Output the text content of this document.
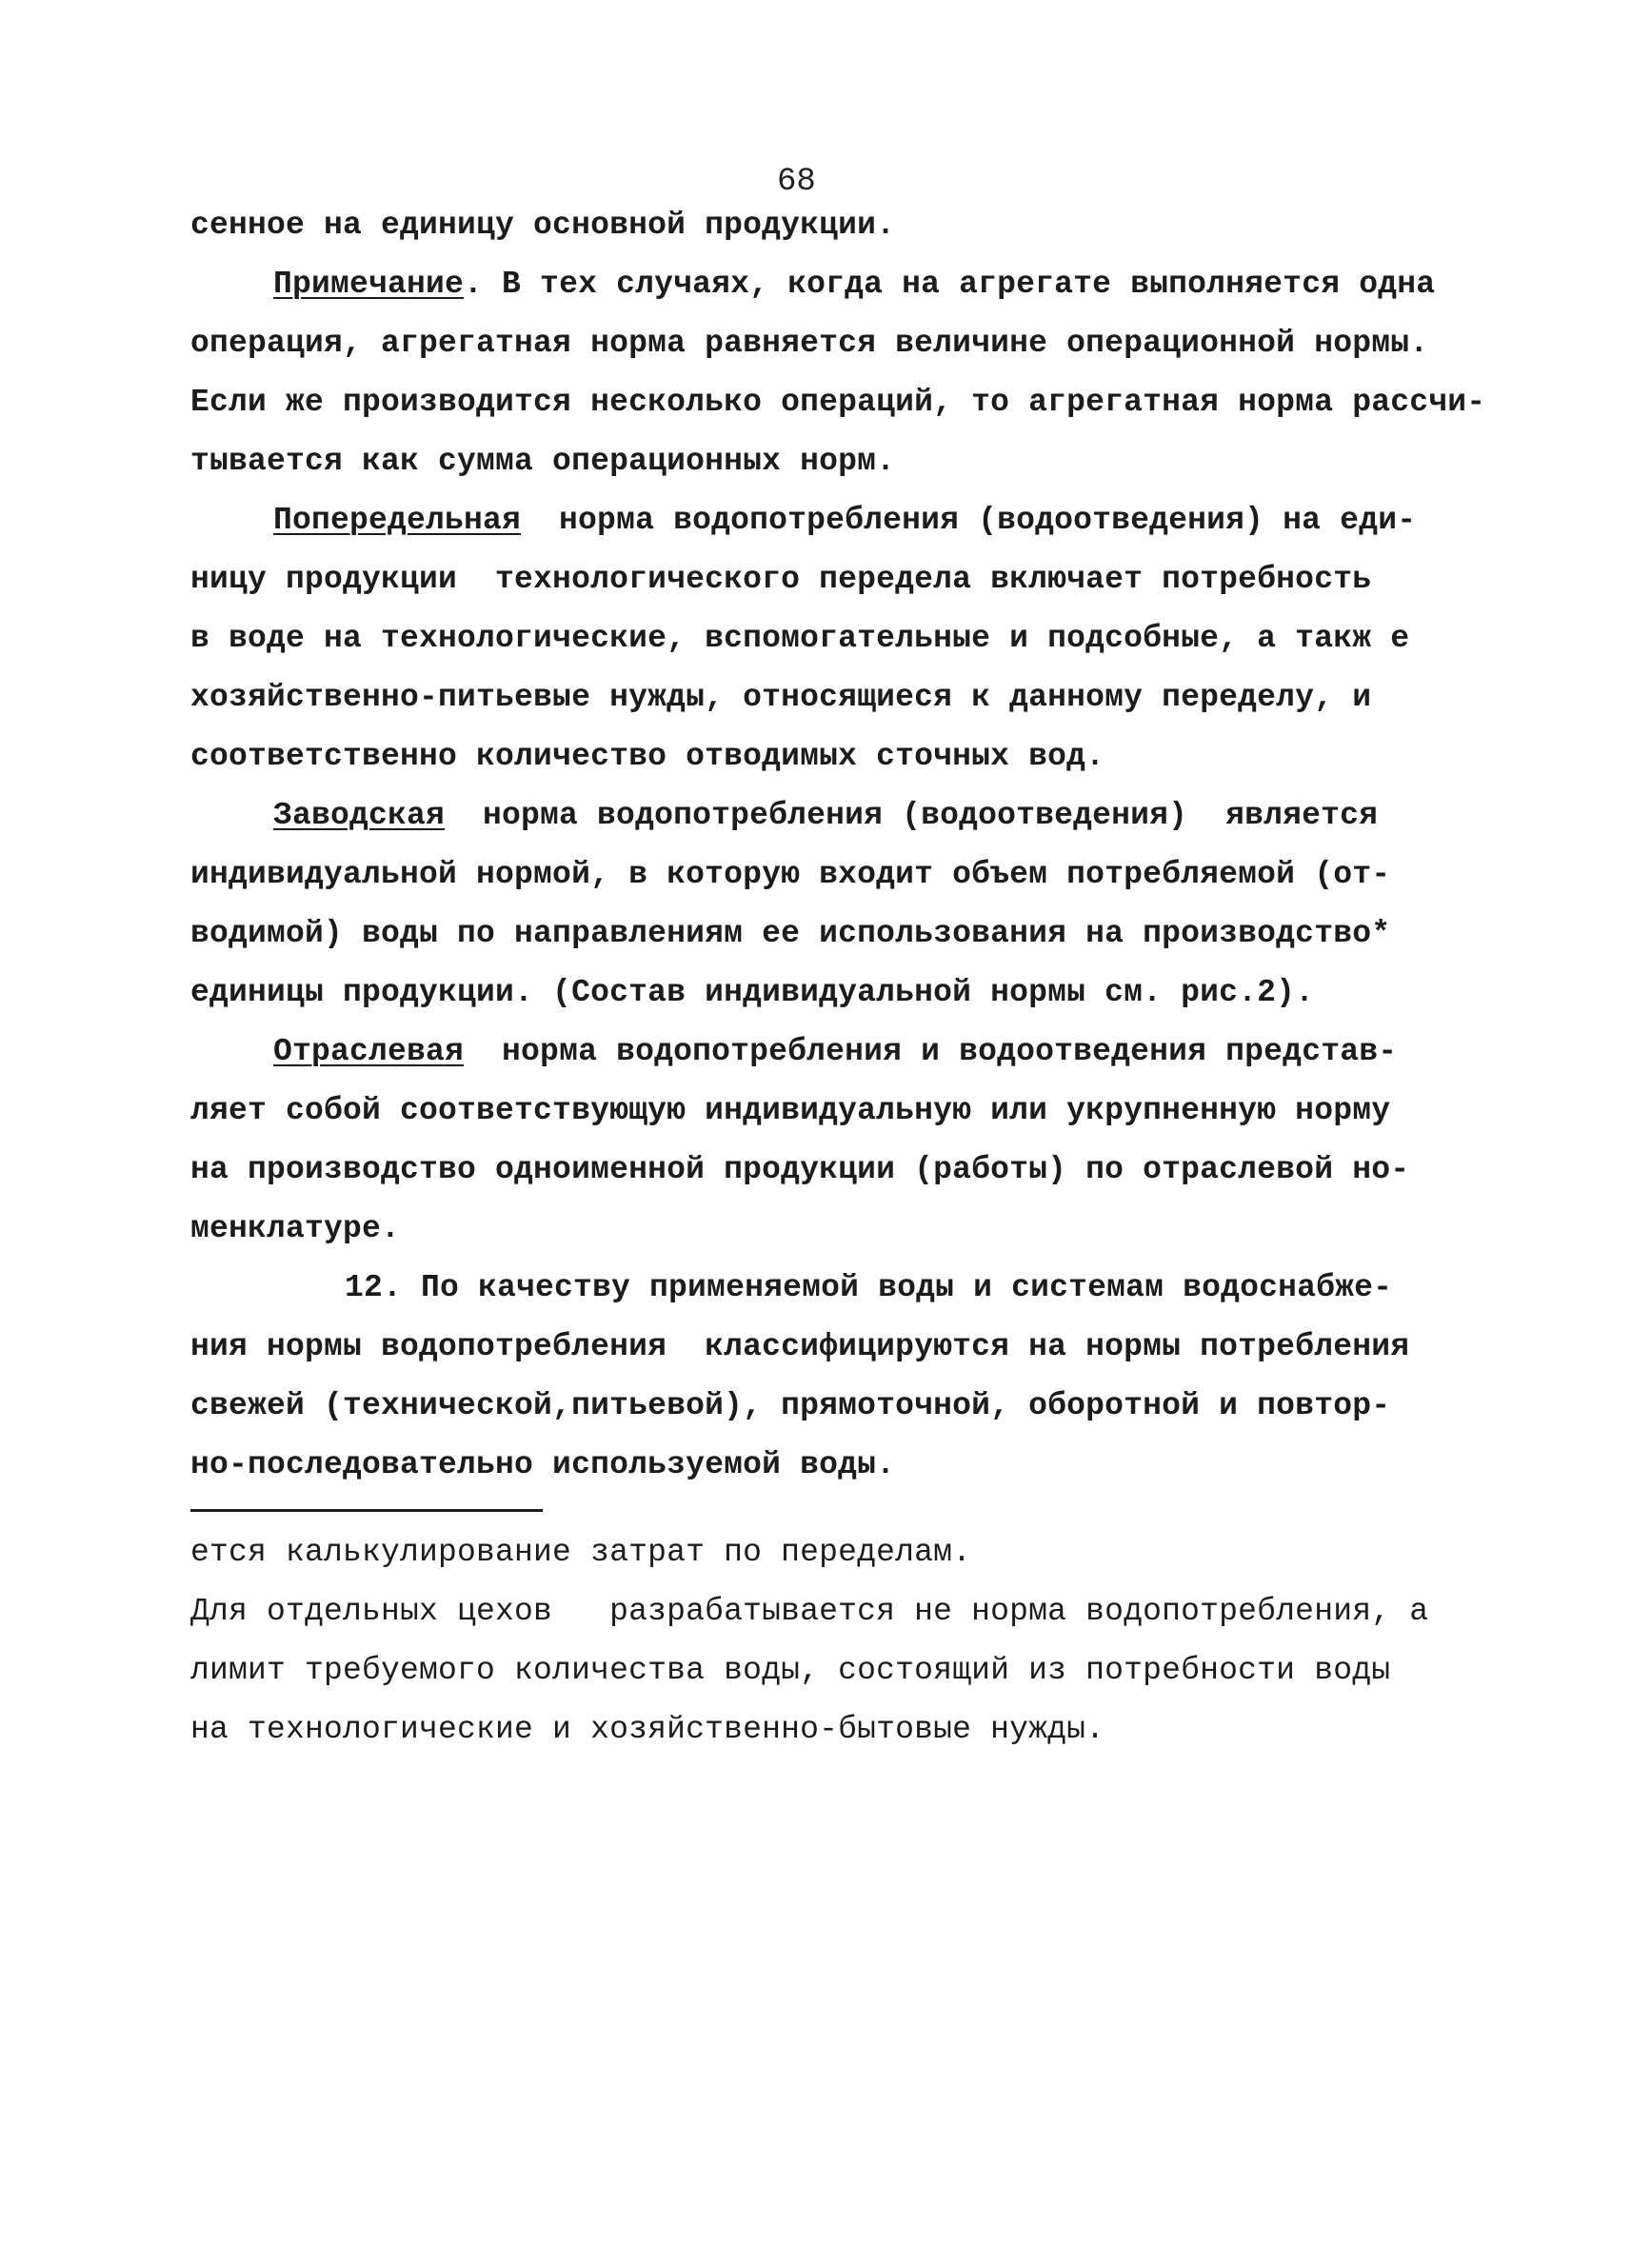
68
сенное на единицу основной продукции.
Примечание. В тех случаях, когда на агрегате выполняется одна
операция, агрегатная норма равняется величине операционной нормы.
Если же производится несколько операций, то агрегатная норма рассчи-
тывается как сумма операционных норм.
Попередельная  норма водопотребления (водоотведения) на еди-
ницу продукции  технологического передела включает потребность
в воде на технологические, вспомогательные и подсобные, а такж е
хозяйственно-питьевые нужды, относящиеся к данному переделу, и
соответственно количество отводимых сточных вод.
Заводская  норма водопотребления (водоотведения)  является
индивидуальной нормой, в которую входит объем потребляемой (от-
водимой) воды по направлениям ее использования на производство*
единицы продукции. (Состав индивидуальной нормы см. рис.2).
Отраслевая  норма водопотребления и водоотведения представ-
ляет собой соответствующую индивидуальную или укрупненную норму
на производство одноименной продукции (работы) по отраслевой но-
менклатуре.
12. По качеству применяемой воды и системам водоснабже-
ния нормы водопотребления  классифицируются на нормы потребления
свежей (технической,питьевой), прямоточной, оборотной и повтор-
но-последовательно используемой воды.
ется калькулирование затрат по переделам.
Для отдельных цехов   разрабатывается не норма водопотребления, а
лимит требуемого количества воды, состоящий из потребности воды
на технологические и хозяйственно-бытовые нужды.
